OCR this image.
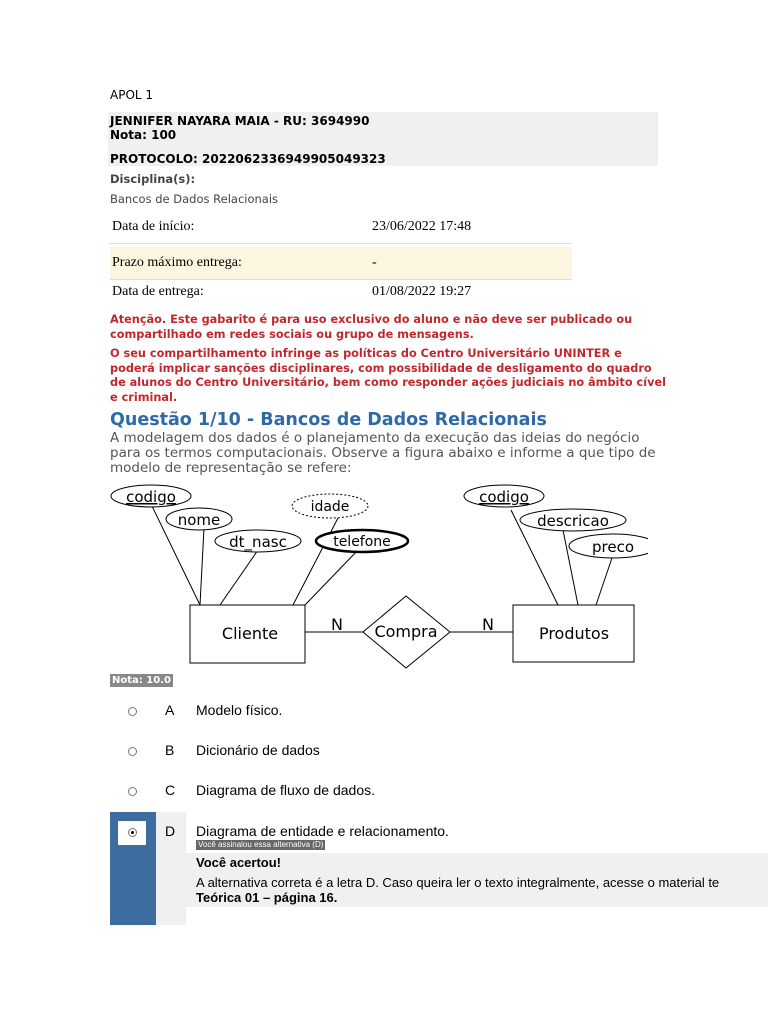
APOL 1
JENNIFER NAYARA MAIA - RU: 3694990
Nota: 100
PROTOCOLO: 20220623369499050493​23
Disciplina(s):
Bancos de Dados Relacionais
Data de início:	23/06/2022 17:48
Prazo máximo entrega:	-
Data de entrega:	01/08/2022 19:27
Atenção. Este gabarito é para uso exclusivo do aluno e não deve ser publicado ou compartilhado em redes sociais ou grupo de mensagens.
O seu compartilhamento infringe as políticas do Centro Universitário UNINTER e poderá implicar sanções disciplinares, com possibilidade de desligamento do quadro de alunos do Centro Universitário, bem como responder ações judiciais no âmbito cível e criminal.
Questão 1/10 - Bancos de Dados Relacionais
A modelagem dos dados é o planejamento da execução das ideias do negócio para os termos computacionais. Observe a figura abaixo e informe a que tipo de modelo de representação se refere:
codigo
nome
dt_nasc
idade
telefone
codigo
descricao
preco
Cliente	Produtos
Compra
N	N
Nota: 10.0
A Modelo físico.
B Dicionário de dados
C Diagrama de fluxo de dados.
D Diagrama de entidade e relacionamento.
Você assinalou essa alternativa (D)
Você acertou!
A alternativa correta é a letra D. Caso queira ler o texto integralmente, acesse o material te
Teórica 01 – página 16.
